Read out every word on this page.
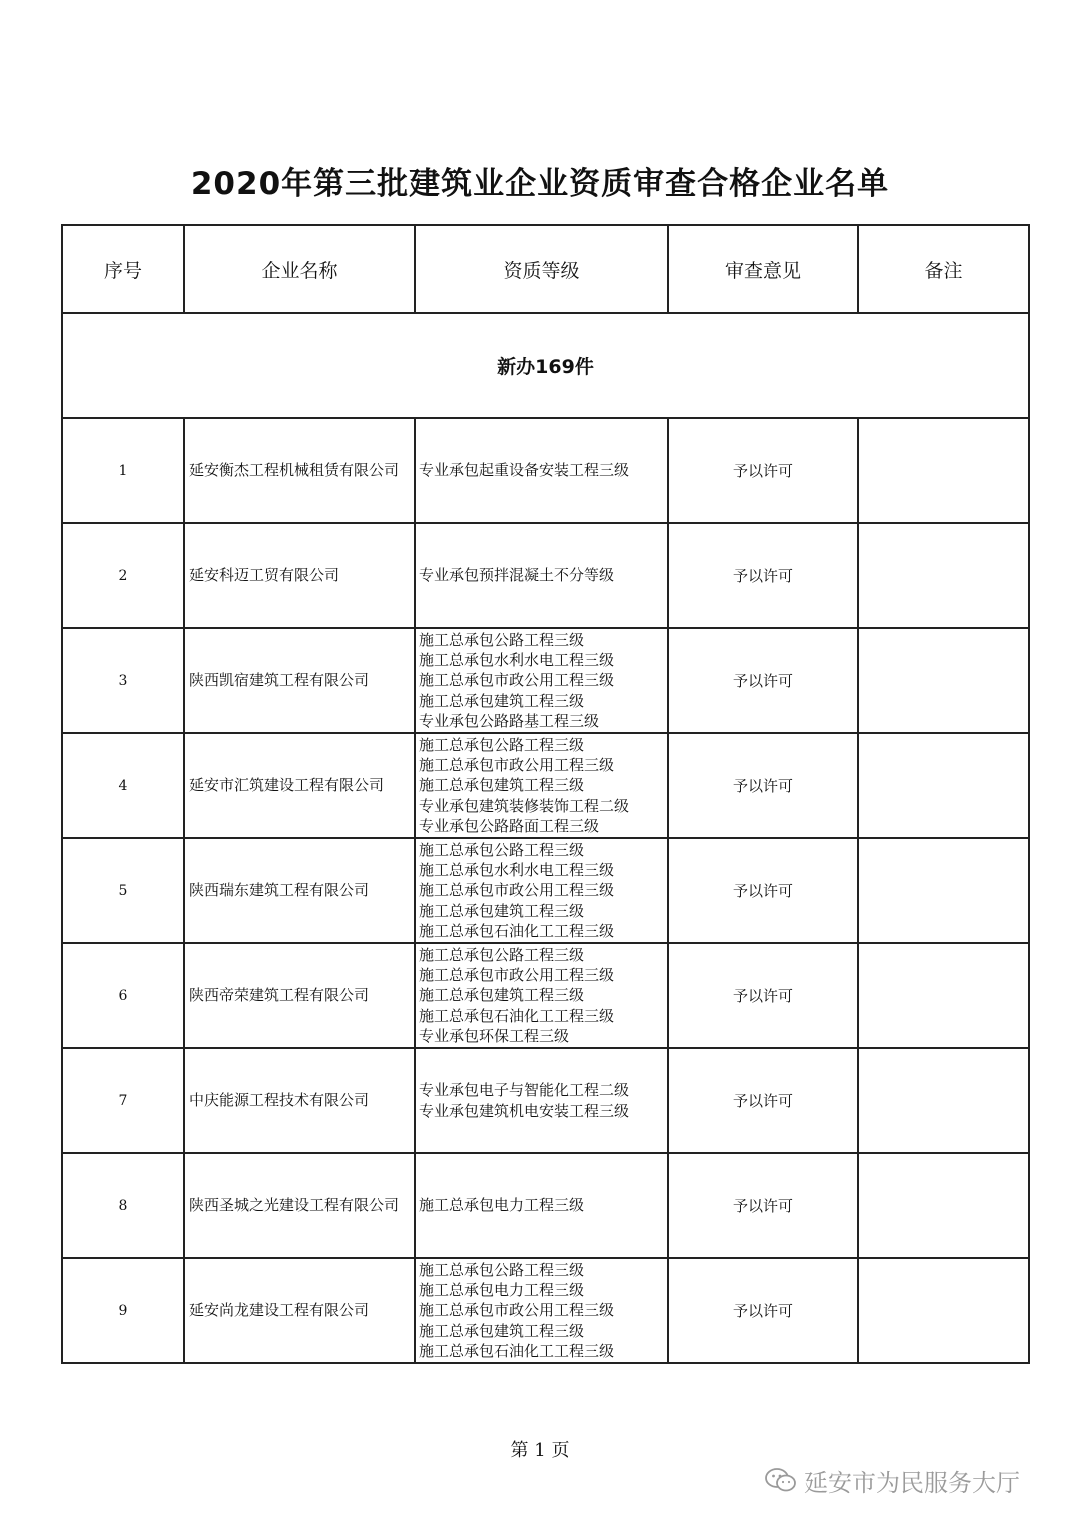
2020年第三批建筑业企业资质审查合格企业名单
序号	企业名称	资质等级	审查意见	备注
新办169件				
1	延安衡杰工程机械租赁有限公司	专业承包起重设备安装工程三级	予以许可	
2	延安科迈工贸有限公司	专业承包预拌混凝土不分等级	予以许可	
3	陕西凯宿建筑工程有限公司	施工总承包公路工程三级
施工总承包水利水电工程三级
施工总承包市政公用工程三级
施工总承包建筑工程三级
专业承包公路路基工程三级	予以许可	
4	延安市汇筑建设工程有限公司	施工总承包公路工程三级
施工总承包市政公用工程三级
施工总承包建筑工程三级
专业承包建筑装修装饰工程二级
专业承包公路路面工程三级	予以许可	
5	陕西瑞东建筑工程有限公司	施工总承包公路工程三级
施工总承包水利水电工程三级
施工总承包市政公用工程三级
施工总承包建筑工程三级
施工总承包石油化工工程三级	予以许可	
6	陕西帝荣建筑工程有限公司	施工总承包公路工程三级
施工总承包市政公用工程三级
施工总承包建筑工程三级
施工总承包石油化工工程三级
专业承包环保工程三级	予以许可	
7	中庆能源工程技术有限公司	专业承包电子与智能化工程二级
专业承包建筑机电安装工程三级	予以许可	
8	陕西圣城之光建设工程有限公司	施工总承包电力工程三级	予以许可	
9	延安尚龙建设工程有限公司	施工总承包公路工程三级
施工总承包电力工程三级
施工总承包市政公用工程三级
施工总承包建筑工程三级
施工总承包石油化工工程三级	予以许可	
第 1 页
延安市为民服务大厅
